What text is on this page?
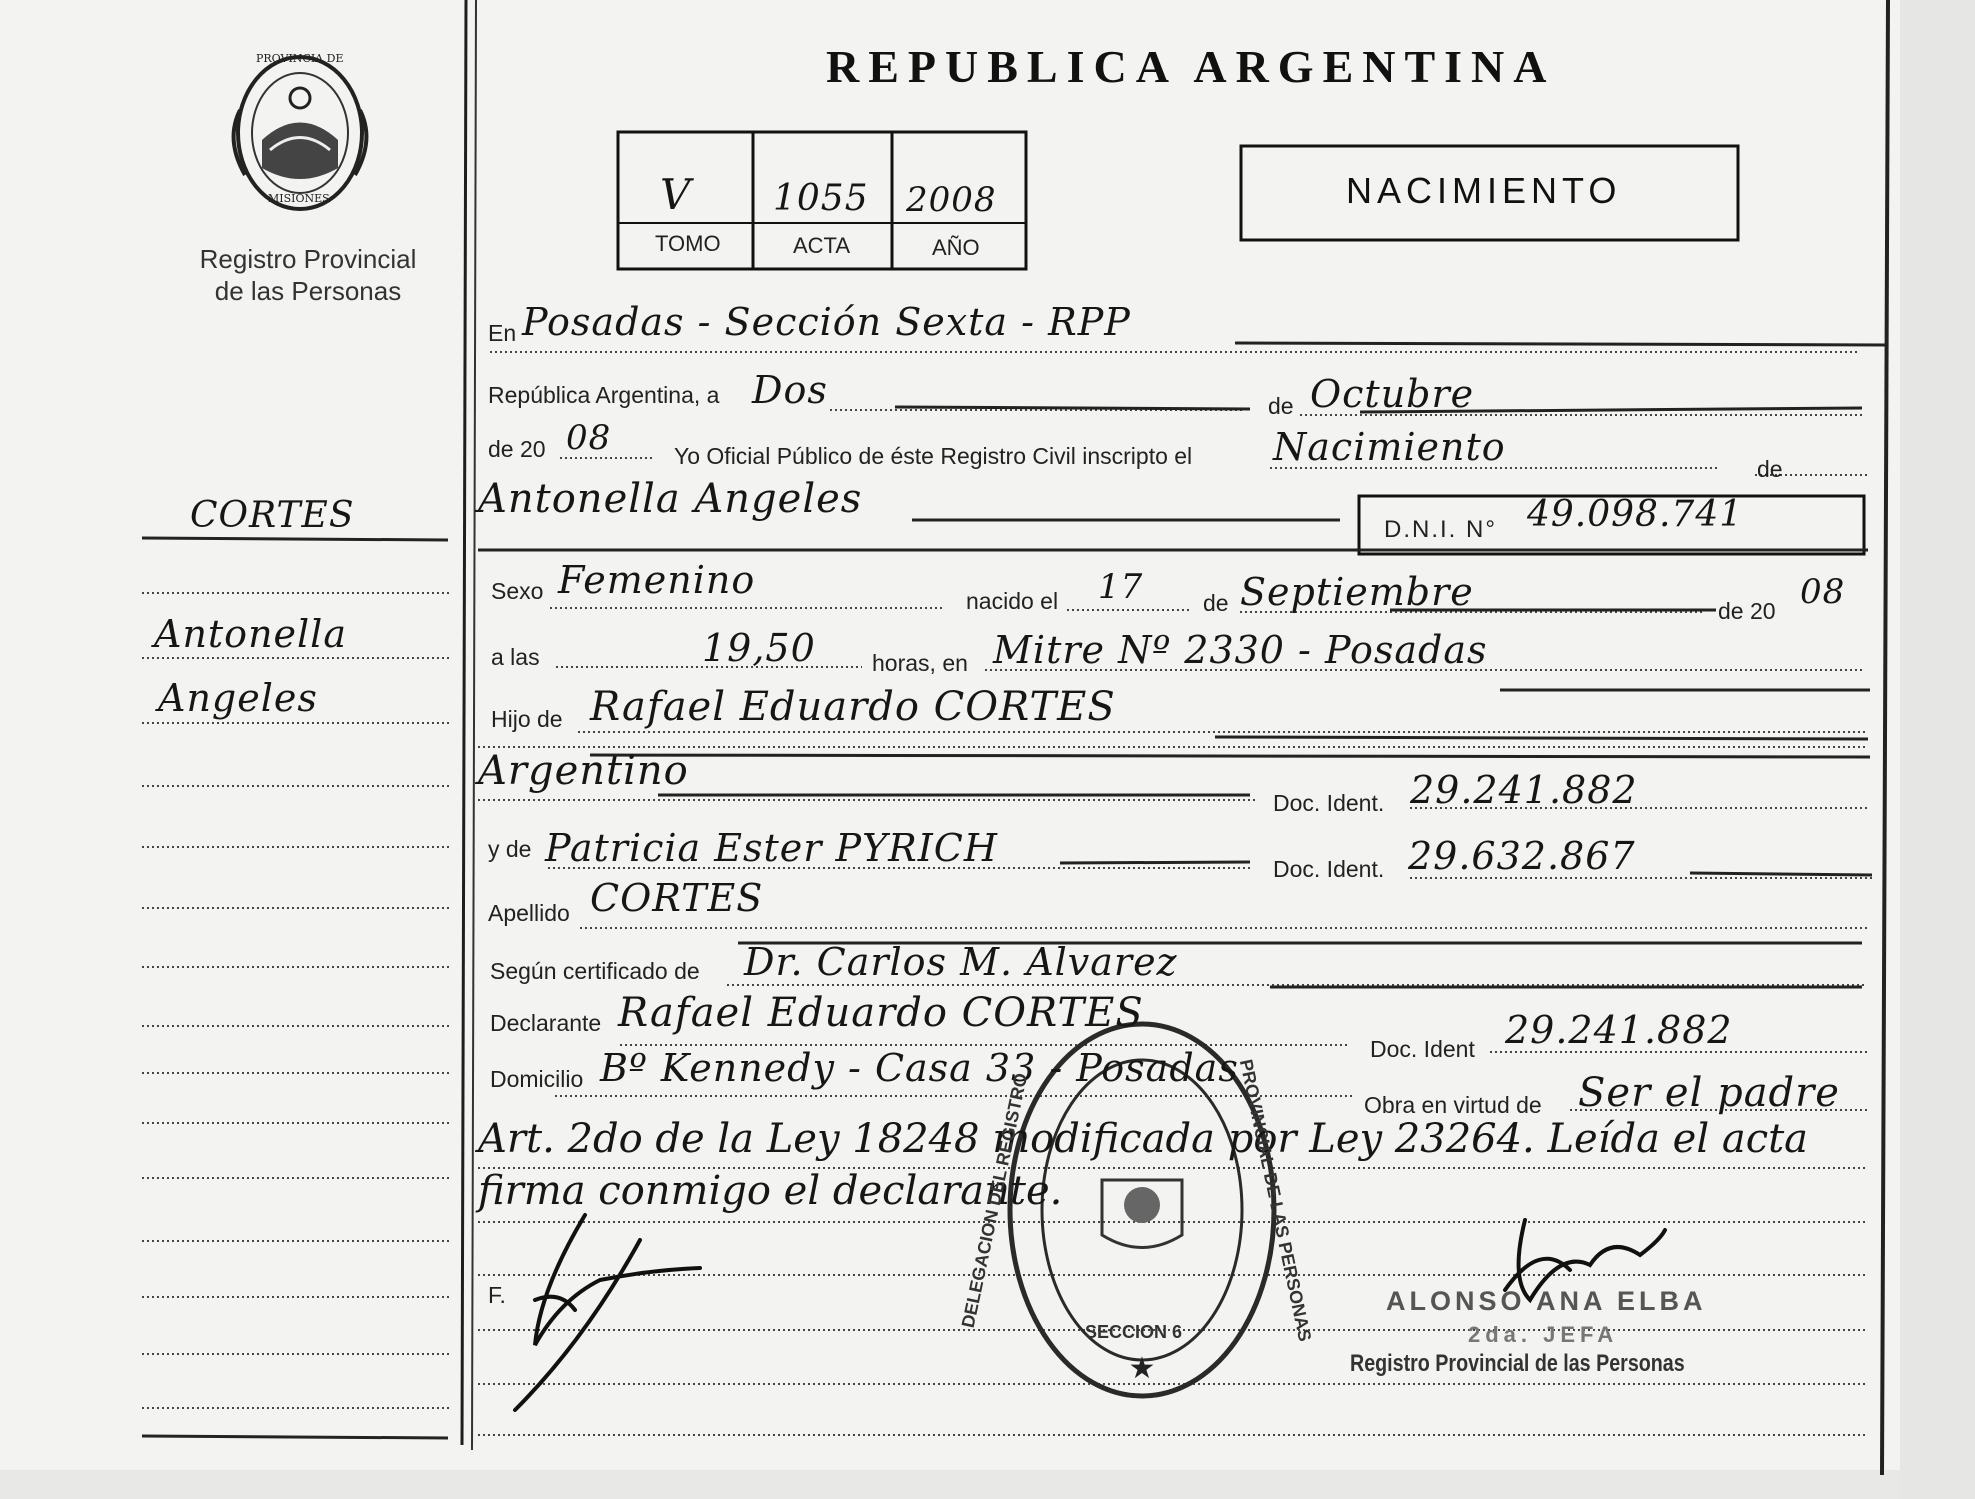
★
PROVINCIA DE
MISIONES
Registro Provincial
de las Personas
CORTES
Antonella
Angeles
REPUBLICA ARGENTINA
V 1055 2008
TOMO	ACTA	AÑO
NACIMIENTO
En Posadas - Sección Sexta - RPP
República Argentina, a Dos	de Octubre
de 20 08	Yo Oficial Público de éste Registro Civil inscripto el Nacimiento	de
Antonella Angeles
D.N.I. N° 49.098.741
Sexo Femenino	nacido el 17	de Septiembre	de 20 08
a las	19,50 horas, en Mitre Nº 2330 - Posadas
Hijo de Rafael Eduardo CORTES
Argentino
Doc. Ident. 29.241.882
y de Patricia Ester PYRICH	Doc. Ident. 29.632.867
Apellido CORTES
Según certificado de Dr. Carlos M. Alvarez
Declarante Rafael Eduardo CORTES
Doc. Ident 29.241.882
Domicilio Bº Kennedy - Casa 33 - Posadas
Obra en virtud de Ser el padre
Art. 2do de la Ley 18248 modificada por Ley 23264. Leída el acta
firma conmigo el declarante.
F.	ALONSO ANA ELBA
2da. JEFA
Registro Provincial de las Personas
DELEGACION DEL REGISTRO	PROVINCIAL DE LAS PERSONAS
SECCION 6
